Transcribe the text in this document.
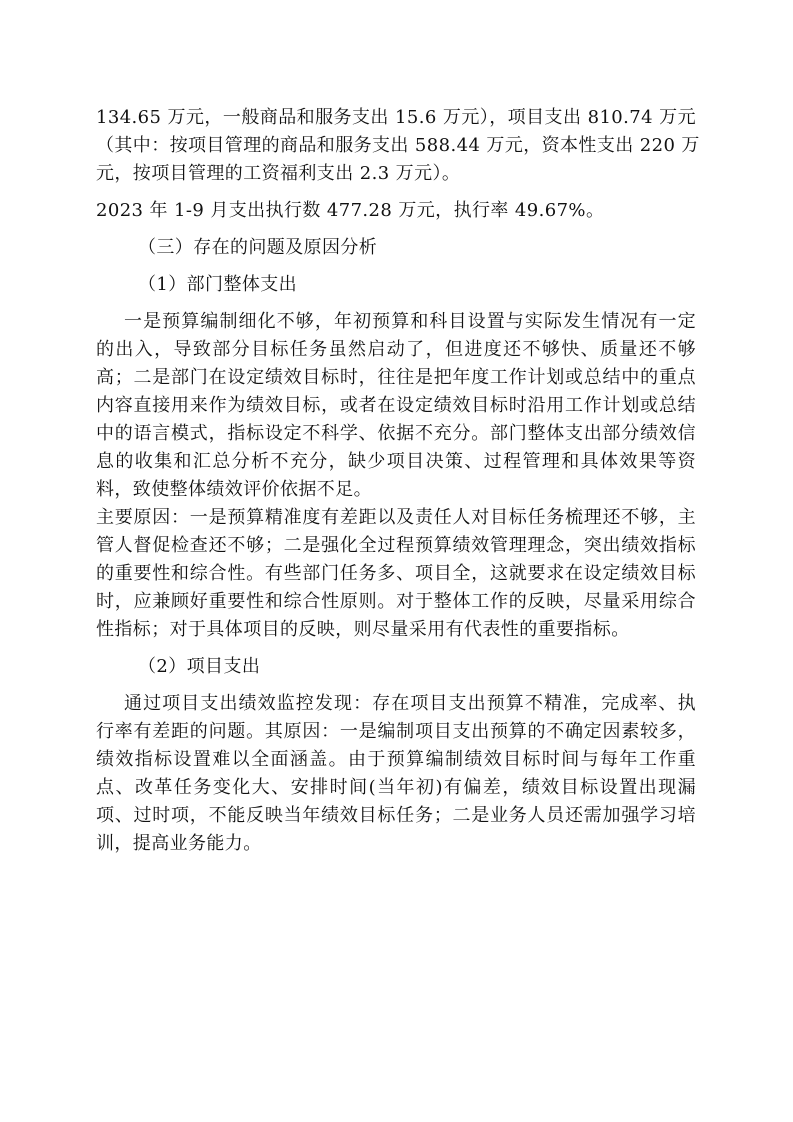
134.65 万元，一般商品和服务支出 15.6 万元），项目支出 810.74 万元
（其中：按项目管理的商品和服务支出 588.44 万元，资本性支出 220 万
元，按项目管理的工资福利支出 2.3 万元）。
2023 年 1-9 月支出执行数 477.28 万元，执行率 49.67%。
（三）存在的问题及原因分析
（1）部门整体支出
一是预算编制细化不够，年初预算和科目设置与实际发生情况有一定
的出入，导致部分目标任务虽然启动了，但进度还不够快、质量还不够
高；二是部门在设定绩效目标时，往往是把年度工作计划或总结中的重点
内容直接用来作为绩效目标，或者在设定绩效目标时沿用工作计划或总结
中的语言模式，指标设定不科学、依据不充分。部门整体支出部分绩效信
息的收集和汇总分析不充分，缺少项目决策、过程管理和具体效果等资
料，致使整体绩效评价依据不足。
主要原因：一是预算精准度有差距以及责任人对目标任务梳理还不够，主
管人督促检查还不够；二是强化全过程预算绩效管理理念，突出绩效指标
的重要性和综合性。有些部门任务多、项目全，这就要求在设定绩效目标
时，应兼顾好重要性和综合性原则。对于整体工作的反映，尽量采用综合
性指标；对于具体项目的反映，则尽量采用有代表性的重要指标。
（2）项目支出
通过项目支出绩效监控发现：存在项目支出预算不精准，完成率、执
行率有差距的问题。其原因：一是编制项目支出预算的不确定因素较多，
绩效指标设置难以全面涵盖。由于预算编制绩效目标时间与每年工作重
点、改革任务变化大、安排时间(当年初)有偏差，绩效目标设置出现漏
项、过时项，不能反映当年绩效目标任务；二是业务人员还需加强学习培
训，提高业务能力。
